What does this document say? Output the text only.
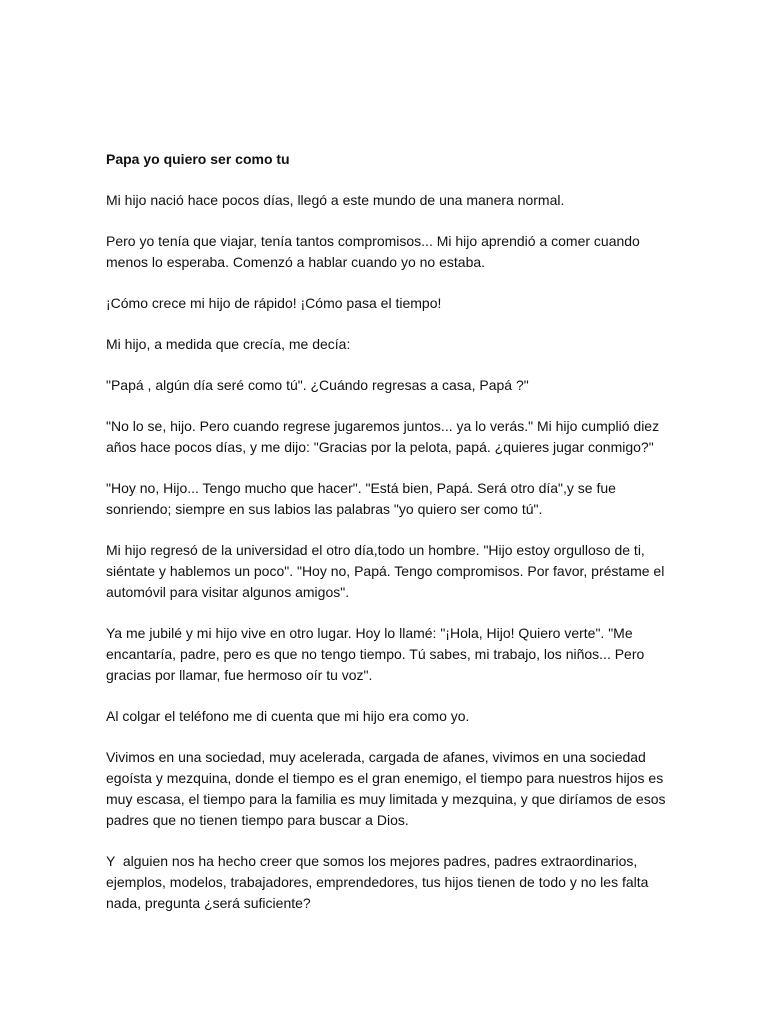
Papa yo quiero ser como tu

Mi hijo nació hace pocos días, llegó a este mundo de una manera normal.

Pero yo tenía que viajar, tenía tantos compromisos... Mi hijo aprendió a comer cuando menos lo esperaba. Comenzó a hablar cuando yo no estaba.

¡Cómo crece mi hijo de rápido! ¡Cómo pasa el tiempo!

Mi hijo, a medida que crecía, me decía:

"Papá , algún día seré como tú". ¿Cuándo regresas a casa, Papá ?"

"No lo se, hijo. Pero cuando regrese jugaremos juntos... ya lo verás." Mi hijo cumplió diez años hace pocos días, y me dijo: "Gracias por la pelota, papá. ¿quieres jugar conmigo?"

"Hoy no, Hijo... Tengo mucho que hacer". "Está bien, Papá. Será otro día",y se fue sonriendo; siempre en sus labios las palabras "yo quiero ser como tú".

Mi hijo regresó de la universidad el otro día,todo un hombre. "Hijo estoy orgulloso de ti, siéntate y hablemos un poco". "Hoy no, Papá. Tengo compromisos. Por favor, préstame el automóvil para visitar algunos amigos".

Ya me jubilé y mi hijo vive en otro lugar. Hoy lo llamé: "¡Hola, Hijo! Quiero verte". "Me encantaría, padre, pero es que no tengo tiempo. Tú sabes, mi trabajo, los niños... Pero gracias por llamar, fue hermoso oír tu voz".

Al colgar el teléfono me di cuenta que mi hijo era como yo.

Vivimos en una sociedad, muy acelerada, cargada de afanes, vivimos en una sociedad egoísta y mezquina, donde el tiempo es el gran enemigo, el tiempo para nuestros hijos es muy escasa, el tiempo para la familia es muy limitada y mezquina, y que diríamos de esos padres que no tienen tiempo para buscar a Dios.

Y  alguien nos ha hecho creer que somos los mejores padres, padres extraordinarios, ejemplos, modelos, trabajadores, emprendedores, tus hijos tienen de todo y no les falta nada, pregunta ¿será suficiente?
